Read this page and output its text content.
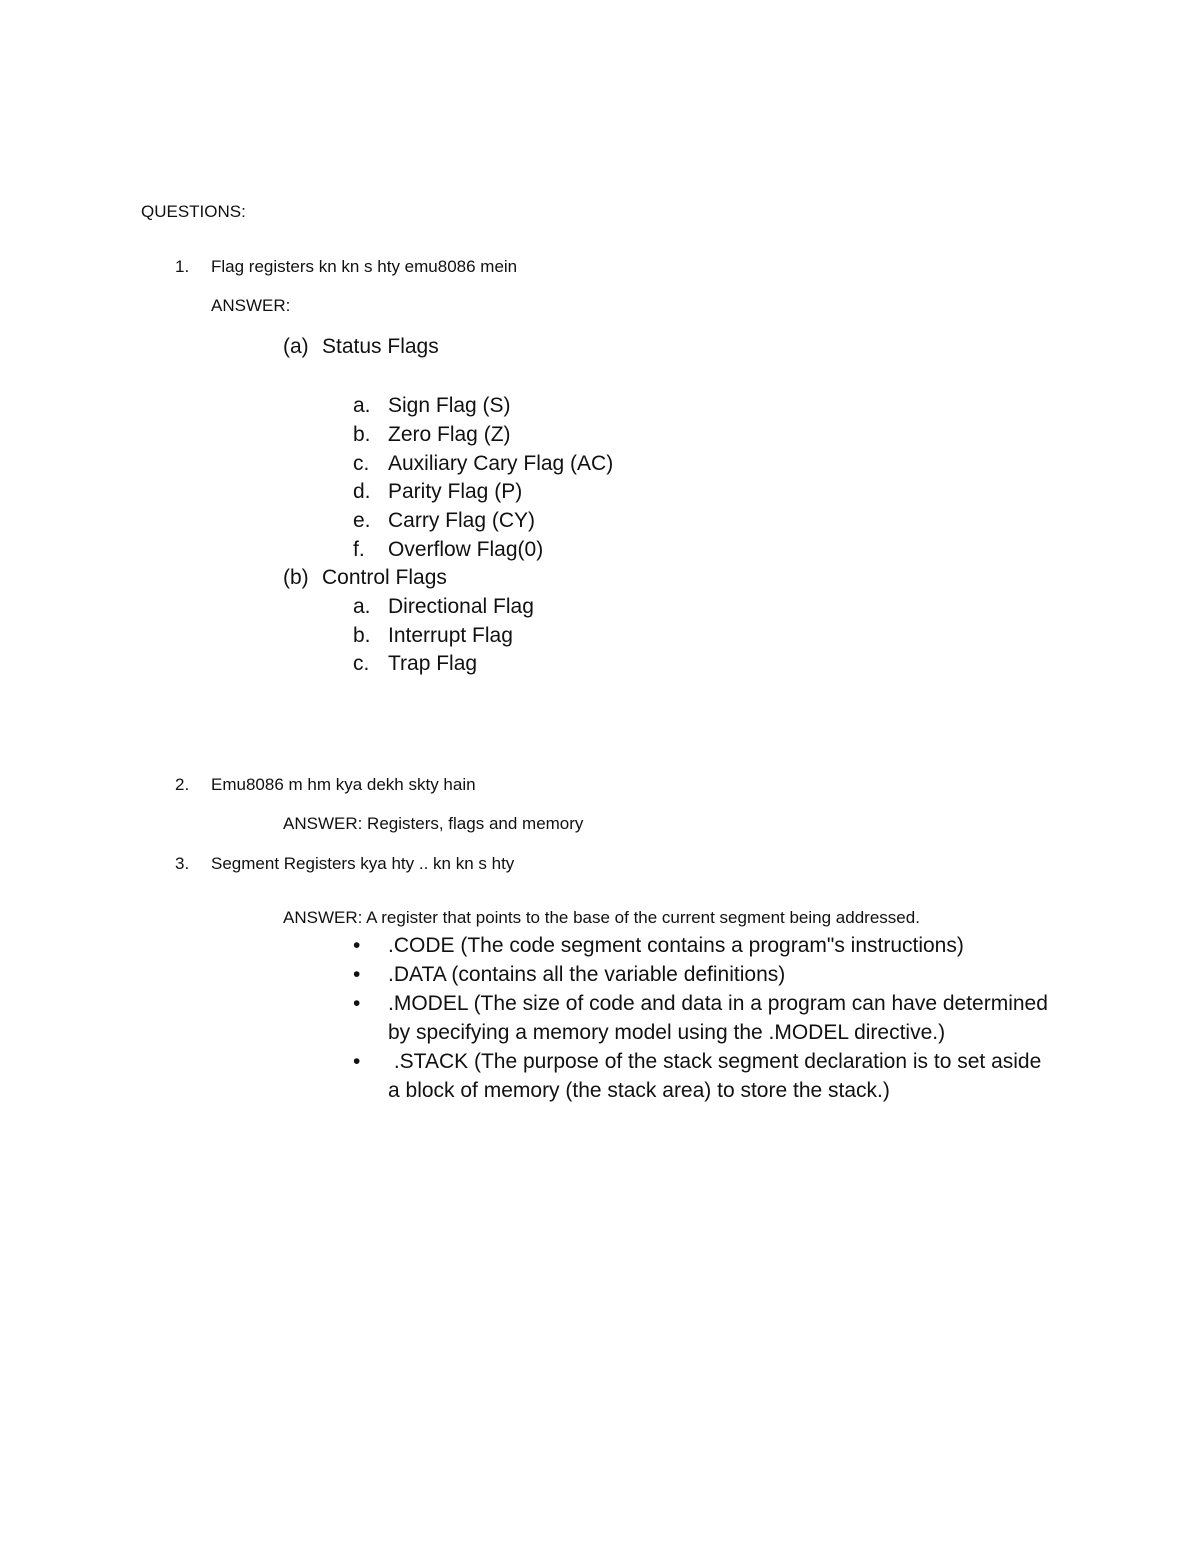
QUESTIONS:
1. Flag registers kn kn s hty emu8086 mein
ANSWER:
(a) Status Flags
a. Sign Flag (S)
b. Zero Flag (Z)
c. Auxiliary Cary Flag (AC)
d. Parity Flag (P)
e. Carry Flag (CY)
f. Overflow Flag(0)
(b) Control Flags
a. Directional Flag
b. Interrupt Flag
c. Trap Flag
2. Emu8086 m hm kya dekh skty hain
ANSWER: Registers, flags and memory
3. Segment Registers kya hty .. kn kn s hty
ANSWER: A register that points to the base of the current segment being addressed.
• .CODE (The code segment contains a program"s instructions)
• .DATA (contains all the variable definitions)
• .MODEL (The size of code and data in a program can have determined
by specifying a memory model using the .MODEL directive.)
• .STACK (The purpose of the stack segment declaration is to set aside
a block of memory (the stack area) to store the stack.)
